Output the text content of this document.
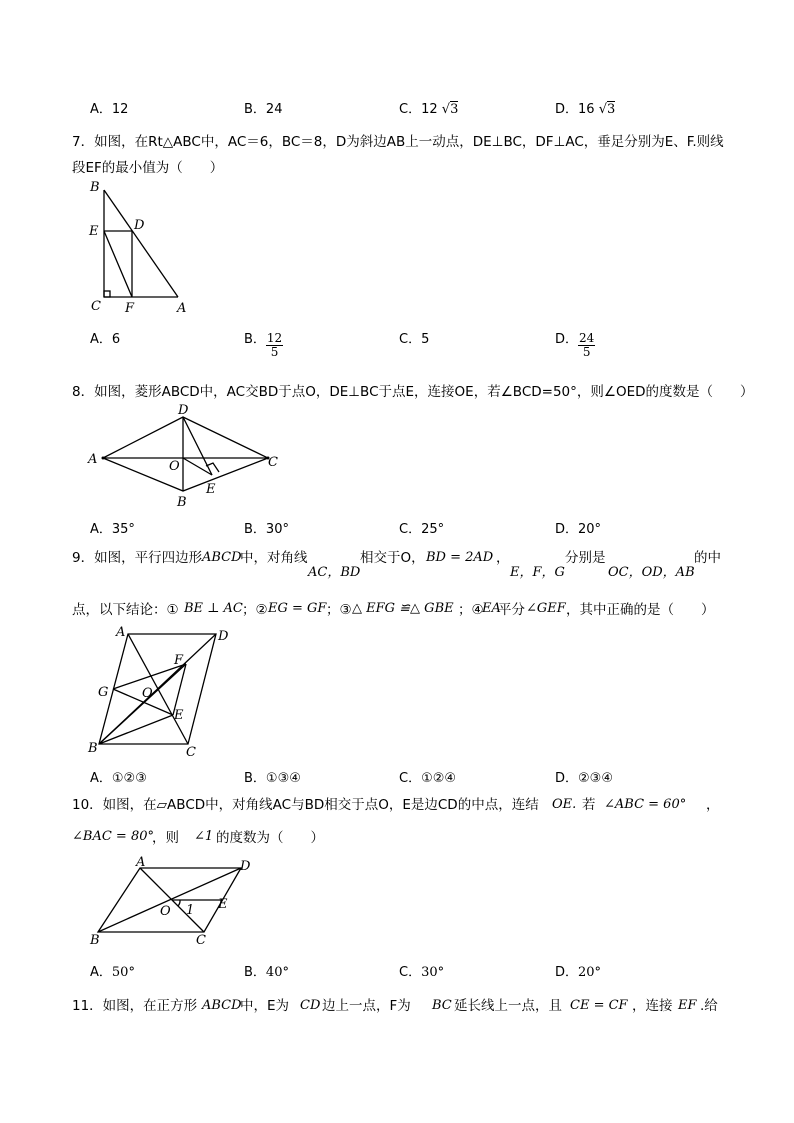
A．12	B．24	C．12 √3	D．16 √3
7．如图，在Rt△ABC中，AC＝6，BC＝8，D为斜边AB上一动点，DE⊥BC，DF⊥AC，垂足分别为E、F.则线
段EF的最小值为（　　）
B
E	D
C F	A
A．6	B． $\frac{12}{5}$	C．5	D． $\frac{24}{5}$
8．如图，菱形ABCD中，AC交BD于点O，DE⊥BC于点E，连接OE，若∠BCD=50°，则∠OED的度数是（　　）
D
A	O	C
B
E
A．35°	B．30°	C．25°	D．20°
9．如图，平行四边形 ABCD
中，对角线
AC，BD
相交于O， BD = 2AD ，
E，F，G
分别是
OC，OD，AB
的中
点，以下结论：① BE ⊥ AC ；② EG = GF ；③ △ EFG ≌△ GBE ；④
EA
平分 ∠GEF ，其中正确的是（　　）
A	D
F
G	O
E
B	C
A．①②③	B．①③④	C．①②④	D．②③④
10．如图，在▱ABCD中，对角线AC与BD相交于点O，E是边CD的中点，连结 OE. 若 ∠ABC = 60° ，
∠BAC = 80°
，则 ∠1 的度数为（　　）
A	D
O 1 E
B	C
A．50°	B．40°	C．30°	D．20°
11．如图，在正方形 ABCD
中，E为 CD 边上一点，F为 BC 延长线上一点，且 CE = CF ，连接 EF .给
